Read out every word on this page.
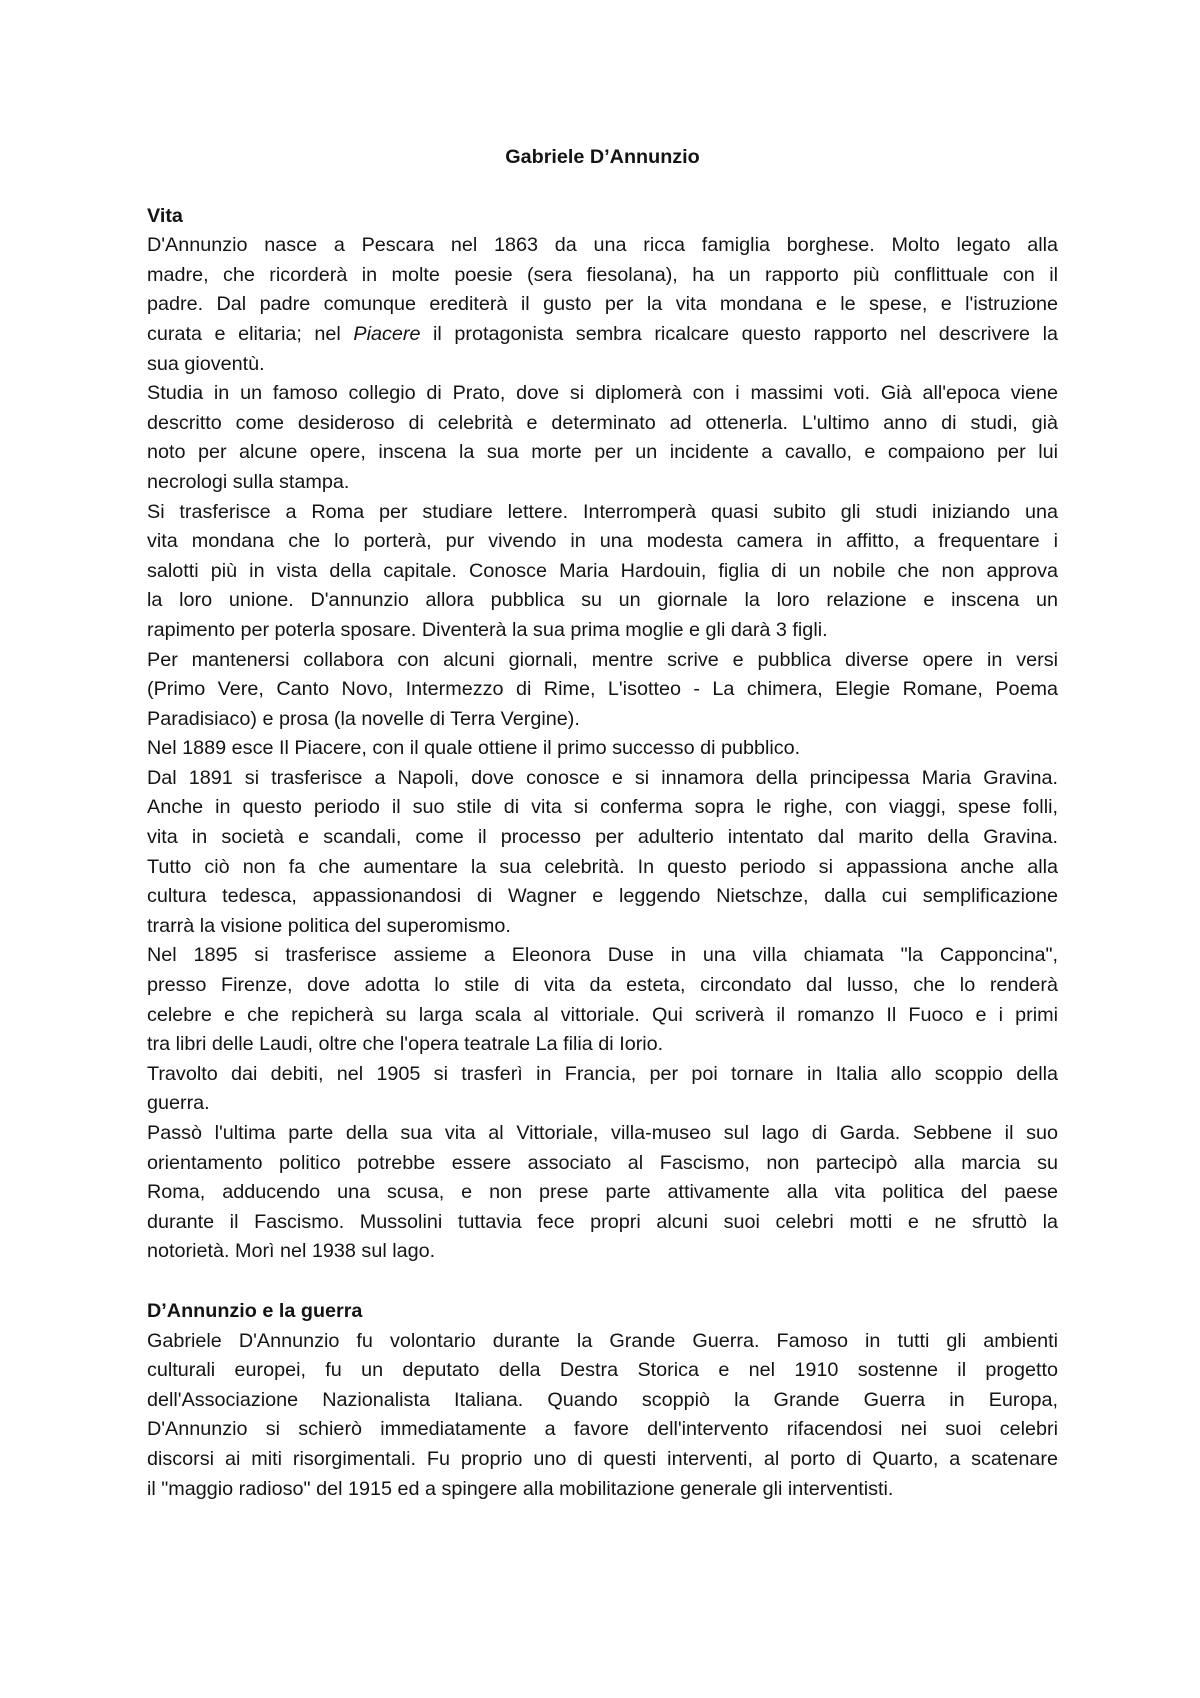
Gabriele D’Annunzio
Vita

D'Annunzio nasce a Pescara nel 1863 da una ricca famiglia borghese. Molto legato alla
madre, che ricorderà in molte poesie (sera fiesolana), ha un rapporto più conflittuale con il
padre. Dal padre comunque erediterà il gusto per la vita mondana e le spese, e l'istruzione
curata e elitaria; nel Piacere il protagonista sembra ricalcare questo rapporto nel descrivere la
sua gioventù.

Studia in un famoso collegio di Prato, dove si diplomerà con i massimi voti. Già all'epoca viene
descritto come desideroso di celebrità e determinato ad ottenerla. L'ultimo anno di studi, già
noto per alcune opere, inscena la sua morte per un incidente a cavallo, e compaiono per lui
necrologi sulla stampa.

Si trasferisce a Roma per studiare lettere. Interromperà quasi subito gli studi iniziando una
vita mondana che lo porterà, pur vivendo in una modesta camera in affitto, a frequentare i
salotti più in vista della capitale. Conosce Maria Hardouin, figlia di un nobile che non approva
la loro unione. D'annunzio allora pubblica su un giornale la loro relazione e inscena un
rapimento per poterla sposare. Diventerà la sua prima moglie e gli darà 3 figli.

Per mantenersi collabora con alcuni giornali, mentre scrive e pubblica diverse opere in versi
(Primo Vere, Canto Novo, Intermezzo di Rime, L'isotteo - La chimera, Elegie Romane, Poema
Paradisiaco) e prosa (la novelle di Terra Vergine).

Nel 1889 esce Il Piacere, con il quale ottiene il primo successo di pubblico.

Dal 1891 si trasferisce a Napoli, dove conosce e si innamora della principessa Maria Gravina.
Anche in questo periodo il suo stile di vita si conferma sopra le righe, con viaggi, spese folli,
vita in società e scandali, come il processo per adulterio intentato dal marito della Gravina.
Tutto ciò non fa che aumentare la sua celebrità. In questo periodo si appassiona anche alla
cultura tedesca, appassionandosi di Wagner e leggendo Nietschze, dalla cui semplificazione
trarrà la visione politica del superomismo.

Nel 1895 si trasferisce assieme a Eleonora Duse in una villa chiamata "la Capponcina",
presso Firenze, dove adotta lo stile di vita da esteta, circondato dal lusso, che lo renderà
celebre e che repicherà su larga scala al vittoriale. Qui scriverà il romanzo Il Fuoco e i primi
tra libri delle Laudi, oltre che l'opera teatrale La filia di Iorio.

Travolto dai debiti, nel 1905 si trasferì in Francia, per poi tornare in Italia allo scoppio della
guerra.

Passò l'ultima parte della sua vita al Vittoriale, villa-museo sul lago di Garda. Sebbene il suo
orientamento politico potrebbe essere associato al Fascismo, non partecipò alla marcia su
Roma, adducendo una scusa, e non prese parte attivamente alla vita politica del paese
durante il Fascismo. Mussolini tuttavia fece propri alcuni suoi celebri motti e ne sfruttò la
notorietà. Morì nel 1938 sul lago.

D’Annunzio e la guerra

Gabriele D'Annunzio fu volontario durante la Grande Guerra. Famoso in tutti gli ambienti
culturali europei, fu un deputato della Destra Storica e nel 1910 sostenne il progetto
dell'Associazione Nazionalista Italiana. Quando scoppiò la Grande Guerra in Europa,
D'Annunzio si schierò immediatamente a favore dell'intervento rifacendosi nei suoi celebri
discorsi ai miti risorgimentali. Fu proprio uno di questi interventi, al porto di Quarto, a scatenare
il "maggio radioso" del 1915 ed a spingere alla mobilitazione generale gli interventisti.
